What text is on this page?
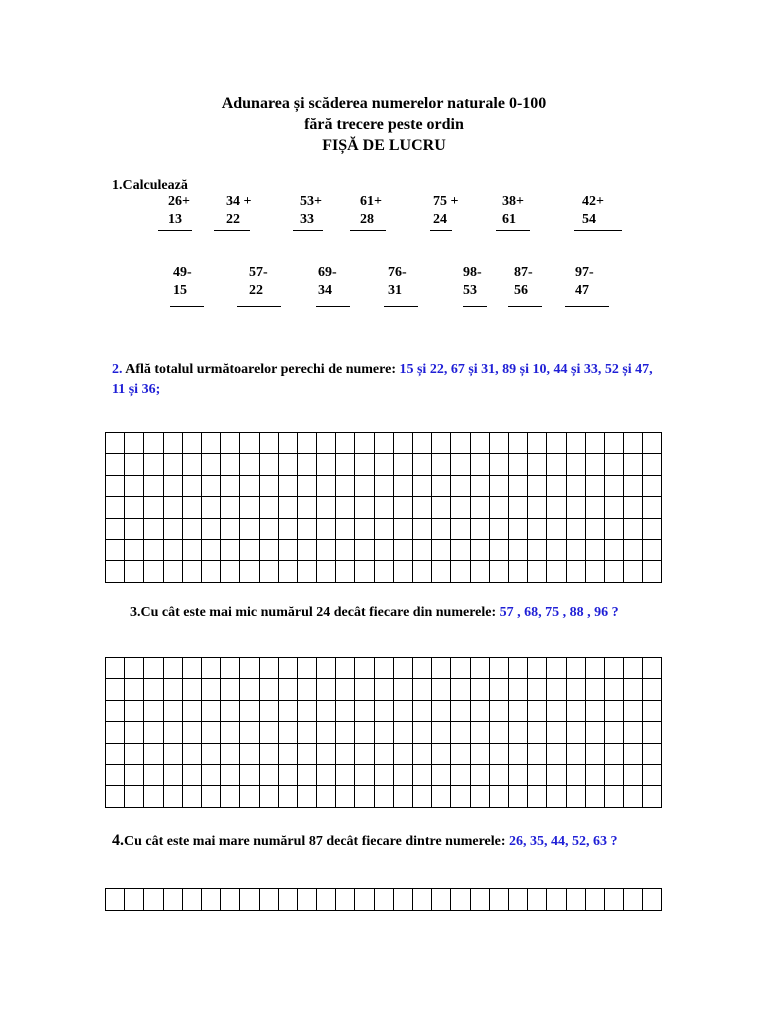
Adunarea și scăderea numerelor naturale 0-100
fără trecere peste ordin
FIȘĂ DE LUCRU
1.Calculează
26+
13
34 +
22
53+
33
61+
28
75 +
24
38+
61
42+
54
49-
15
57-
22
69-
34
76-
31
98-
53
87-
56
97-
47
2. Află totalul următoarelor perechi de numere: 15 și 22, 67 și 31, 89 și 10, 44 și 33, 52 și 47, 11 și 36;
3.Cu cât este mai mic numărul 24 decât fiecare din numerele: 57 , 68, 75 , 88 , 96 ?
4.Cu cât este mai mare numărul 87 decât fiecare dintre numerele: 26, 35, 44, 52, 63 ?
